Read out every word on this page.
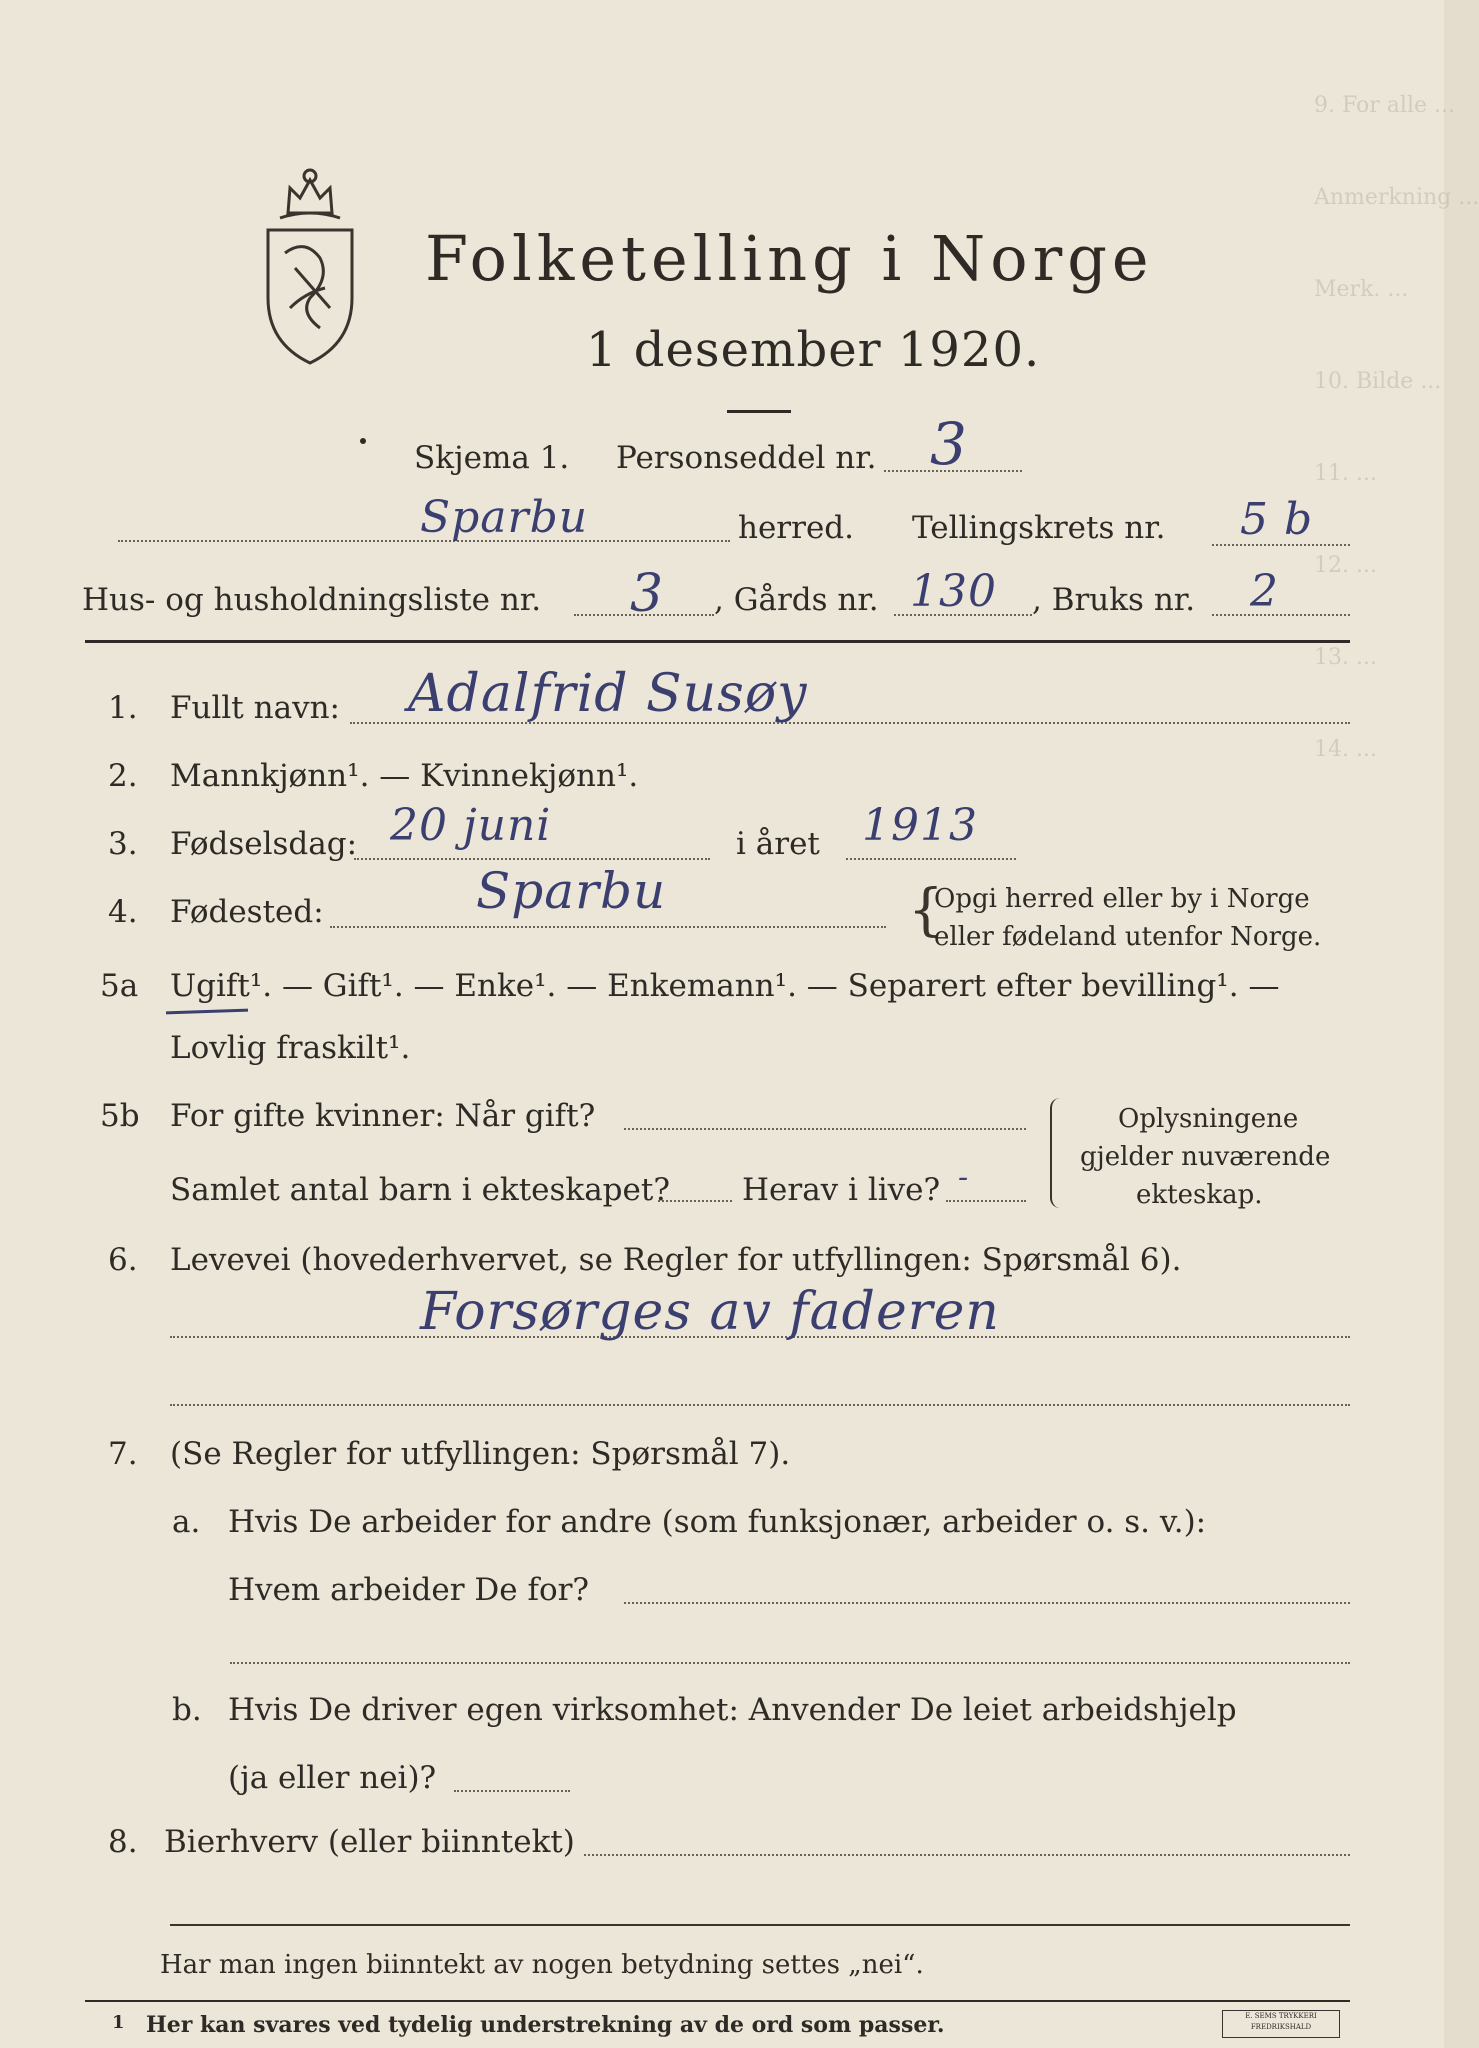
9. For alle ...
Anmerkning ...
Merk. ...
10. Bilde ...
11. ...
12. ...
13. ...
14. ...
Folketelling i Norge
1 desember 1920.
Skjema 1. Personseddel nr. 3
Sparbu	herred. Tellingskrets nr. 5 b
Hus- og husholdningsliste nr. 3 , Gårds nr. 130 , Bruks nr. 2
1. Fullt navn: Adalfrid Susøy
2. Mannkjønn¹. — Kvinnekjønn¹.
3. Fødselsdag: 20 juni	i året 1913
4. Fødested:	Sparbu	{
Opgi herred eller by i Norge
eller fødeland utenfor Norge.
5a Ugift¹. — Gift¹. — Enke¹. — Enkemann¹. — Separert efter bevilling¹. —
Lovlig fraskilt¹.
5b For gifte kvinner: Når gift?
Samlet antal barn i ekteskapet? Herav i live? -
Oplysningene
gjelder nuværende
ekteskap.
6. Levevei (hovederhvervet, se Regler for utfyllingen: Spørsmål 6).
Forsørges av faderen
7. (Se Regler for utfyllingen: Spørsmål 7).
a. Hvis De arbeider for andre (som funksjonær, arbeider o. s. v.):
Hvem arbeider De for?
b. Hvis De driver egen virksomhet: Anvender De leiet arbeidshjelp
(ja eller nei)?
8. Bierhverv (eller biinntekt)
Har man ingen biinntekt av nogen betydning settes „nei“.
1 Her kan svares ved tydelig understrekning av de ord som passer.	E. SEMS TRYKKERI FREDRIKSHALD
